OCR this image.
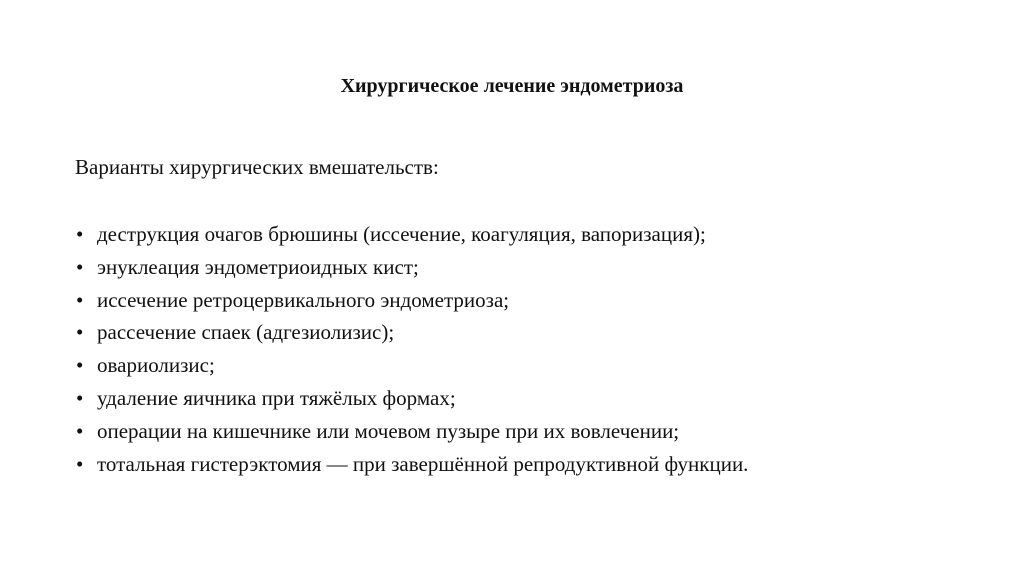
Хирургическое лечение эндометриоза

Варианты хирургических вмешательств:

• деструкция очагов брюшины (иссечение, коагуляция, вапоризация);
• энуклеация эндометриоидных кист;
• иссечение ретроцервикального эндометриоза;
• рассечение спаек (адгезиолизис);
• овариолизис;
• удаление яичника при тяжёлых формах;
• операции на кишечнике или мочевом пузыре при их вовлечении;
• тотальная гистерэктомия — при завершённой репродуктивной функции.
